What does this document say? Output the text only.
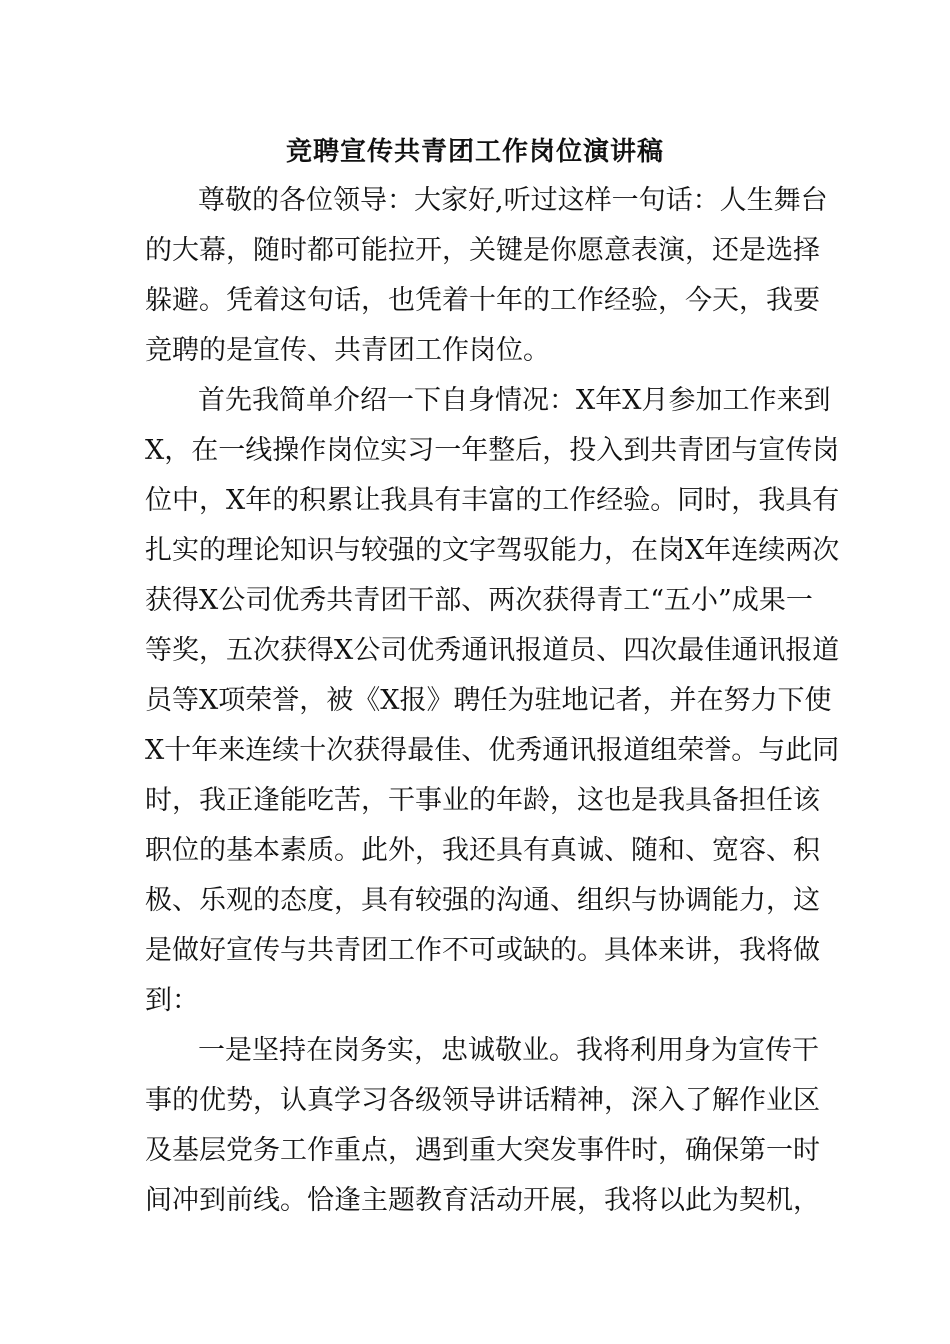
竞聘宣传共青团工作岗位演讲稿
尊敬的各位领导：大家好,听过这样一句话：人生舞台
的大幕，随时都可能拉开，关键是你愿意表演，还是选择
躲避。凭着这句话，也凭着十年的工作经验，今天，我要
竞聘的是宣传、共青团工作岗位。
首先我简单介绍一下自身情况：X年X月参加工作来到
X，在一线操作岗位实习一年整后，投入到共青团与宣传岗
位中，X年的积累让我具有丰富的工作经验。同时，我具有
扎实的理论知识与较强的文字驾驭能力，在岗X年连续两次
获得X公司优秀共青团干部、两次获得青工“五小”成果一
等奖，五次获得X公司优秀通讯报道员、四次最佳通讯报道
员等X项荣誉，被《X报》聘任为驻地记者，并在努力下使
X十年来连续十次获得最佳、优秀通讯报道组荣誉。与此同
时，我正逢能吃苦，干事业的年龄，这也是我具备担任该
职位的基本素质。此外，我还具有真诚、随和、宽容、积
极、乐观的态度，具有较强的沟通、组织与协调能力，这
是做好宣传与共青团工作不可或缺的。具体来讲，我将做
到：
一是坚持在岗务实，忠诚敬业。我将利用身为宣传干
事的优势，认真学习各级领导讲话精神，深入了解作业区
及基层党务工作重点，遇到重大突发事件时，确保第一时
间冲到前线。恰逢主题教育活动开展，我将以此为契机，
